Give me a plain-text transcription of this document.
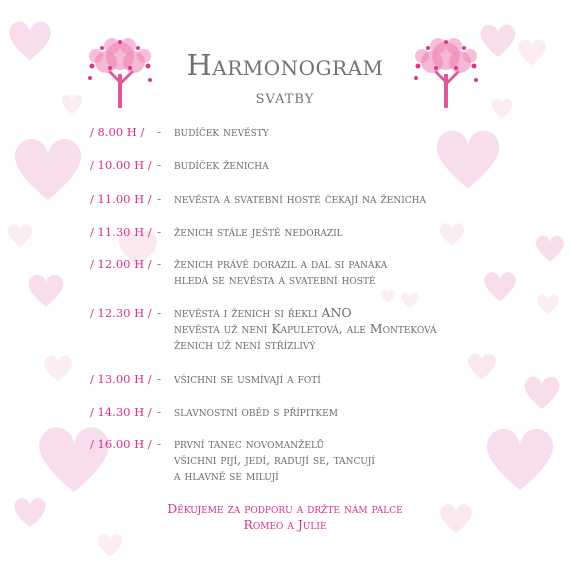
Harmonogram
svatby
/ 8.00 H /	- budíček nevěsty
/ 10.00 H / - budíček ženicha
/ 11.00 H / - nevěsta a svatební hosté čekají na ženicha
/ 11.30 H / - ženich stále ještě nedorazil
/ 12.00 H / - ženich právě dorazil a dal si panáka
hledá se nevěsta a svatební hosté
/ 12.30 H / - nevěsta i ženich si řekli ANO
nevěsta už není Kapuletová, ale Monteková
ženich už není střízlivý
/ 13.00 H / - všichni se usmívají a fotí
/ 14.30 H / - slavnostní oběd s přípitkem
/ 16.00 H / - první tanec novomanželů
všichni pijí, jedí, radují se, tancují
a hlavně se milují
Děkujeme za podporu a držte nám palce
Romeo a Julie
